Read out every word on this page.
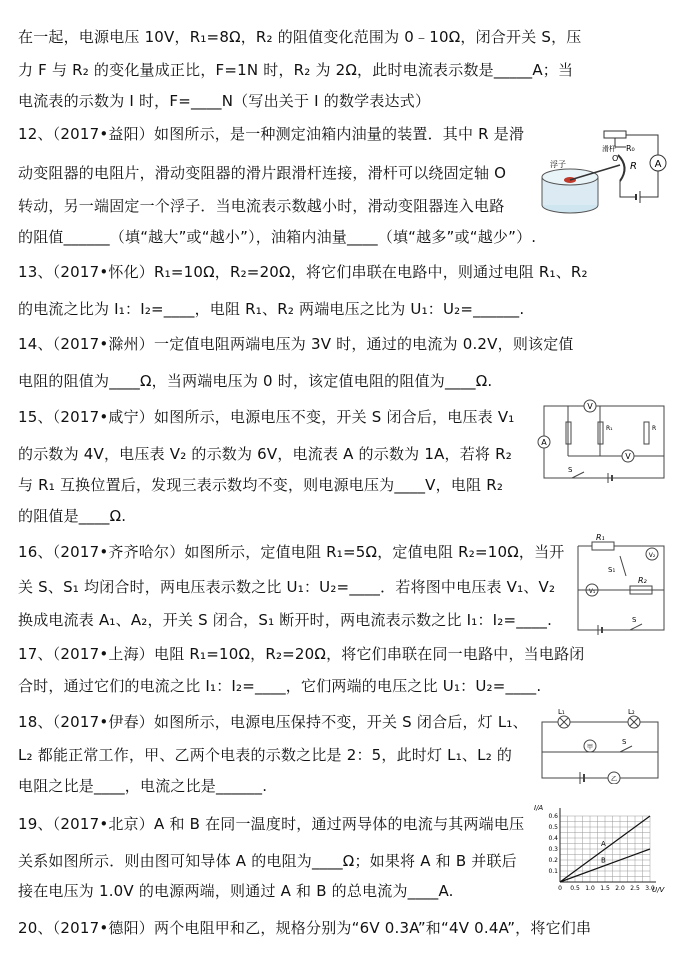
在一起，电源电压 10V，R₁=8Ω，R₂ 的阻值变化范围为 0﹣10Ω，闭合开关 S，压
力 F 与 R₂ 的变化量成正比，F=1N 时，R₂ 为 2Ω，此时电流表示数是_____A；当
电流表的示数为 I 时，F=____N（写出关于 I 的数学表达式）
12、（2017•益阳）如图所示，是一种测定油箱内油量的装置．其中 R 是滑
动变阻器的电阻片，滑动变阻器的滑片跟滑杆连接，滑杆可以绕固定轴 O
转动，另一端固定一个浮子．当电流表示数越小时，滑动变阻器连入电路
的阻值______（填“越大”或“越小”），油箱内油量____（填“越多”或“越少”）.
13、（2017•怀化）R₁=10Ω，R₂=20Ω，将它们串联在电路中，则通过电阻 R₁、R₂
的电流之比为 I₁：I₂=____，电阻 R₁、R₂ 两端电压之比为 U₁：U₂=______.
14、（2017•滁州）一定值电阻两端电压为 3V 时，通过的电流为 0.2V，则该定值
电阻的阻值为____Ω，当两端电压为 0 时，该定值电阻的阻值为____Ω.
15、（2017•咸宁）如图所示，电源电压不变，开关 S 闭合后，电压表 V₁
的示数为 4V，电压表 V₂ 的示数为 6V，电流表 A 的示数为 1A，若将 R₂
与 R₁ 互换位置后，发现三表示数均不变，则电源电压为____V，电阻 R₂
的阻值是____Ω.
16、（2017•齐齐哈尔）如图所示，定值电阻 R₁=5Ω，定值电阻 R₂=10Ω，当开
关 S、S₁ 均闭合时，两电压表示数之比 U₁：U₂=____．若将图中电压表 V₁、V₂
换成电流表 A₁、A₂，开关 S 闭合，S₁ 断开时，两电流表示数之比 I₁：I₂=____.
17、（2017•上海）电阻 R₁=10Ω，R₂=20Ω，将它们串联在同一电路中，当电路闭
合时，通过它们的电流之比 I₁：I₂=____，它们两端的电压之比 U₁：U₂=____.
18、（2017•伊春）如图所示，电源电压保持不变，开关 S 闭合后，灯 L₁、
L₂ 都能正常工作，甲、乙两个电表的示数之比是 2：5，此时灯 L₁、L₂ 的
电阻之比是____，电流之比是______.
19、（2017•北京）A 和 B 在同一温度时，通过两导体的电流与其两端电压
关系如图所示．则由图可知导体 A 的电阻为____Ω；如果将 A 和 B 并联后
接在电压为 1.0V 的电源两端，则通过 A 和 B 的总电流为____A.
20、（2017•德阳）两个电阻甲和乙，规格分别为“6V 0.3A”和“4V 0.4A”，将它们串
A
R₀
R
O
浮子
滑杆
V
A
R₁	R
V
S
R₁
V₂
R₂
V₁
S₁
S
L₁	L₂
甲
S
乙
0.6
0.5
0.4
0.3
0.2
0.1
0 0.5 1.0 1.5 2.0 2.5 3.0
A
B
I/A
U/V
